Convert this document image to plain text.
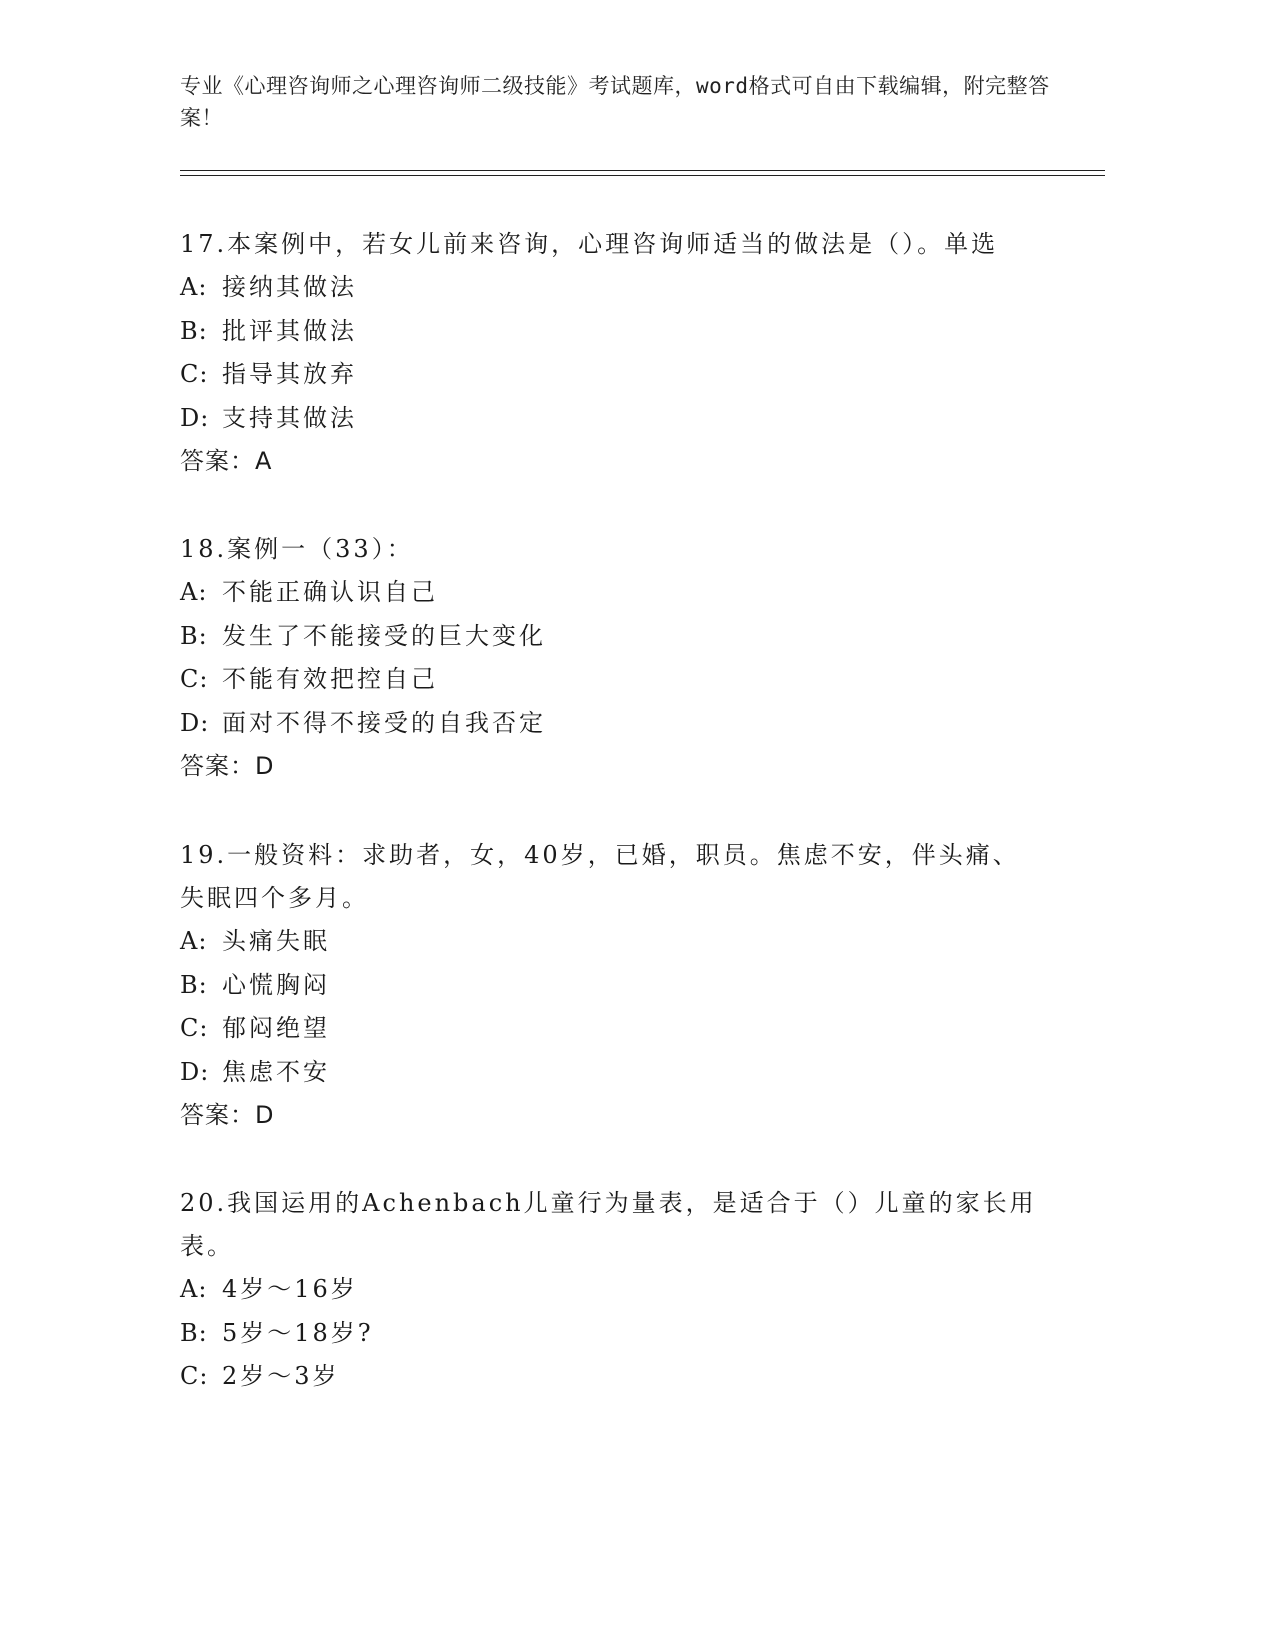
专业《心理咨询师之心理咨询师二级技能》考试题库，word格式可自由下载编辑，附完整答案！

17.本案例中，若女儿前来咨询，心理咨询师适当的做法是（）。单选

A: 接纳其做法

B: 批评其做法

C: 指导其放弃

D: 支持其做法

答案：A

18.案例一（33）：

A: 不能正确认识自己

B: 发生了不能接受的巨大变化

C: 不能有效把控自己

D: 面对不得不接受的自我否定

答案：D

19.一般资料：求助者，女，40岁，已婚，职员。焦虑不安，伴头痛、失眠四个多月。

A: 头痛失眠

B: 心慌胸闷

C: 郁闷绝望

D: 焦虑不安

答案：D

20.我国运用的Achenbach儿童行为量表，是适合于（）儿童的家长用表。

A: 4岁～16岁

B: 5岁～18岁?

C: 2岁～3岁
